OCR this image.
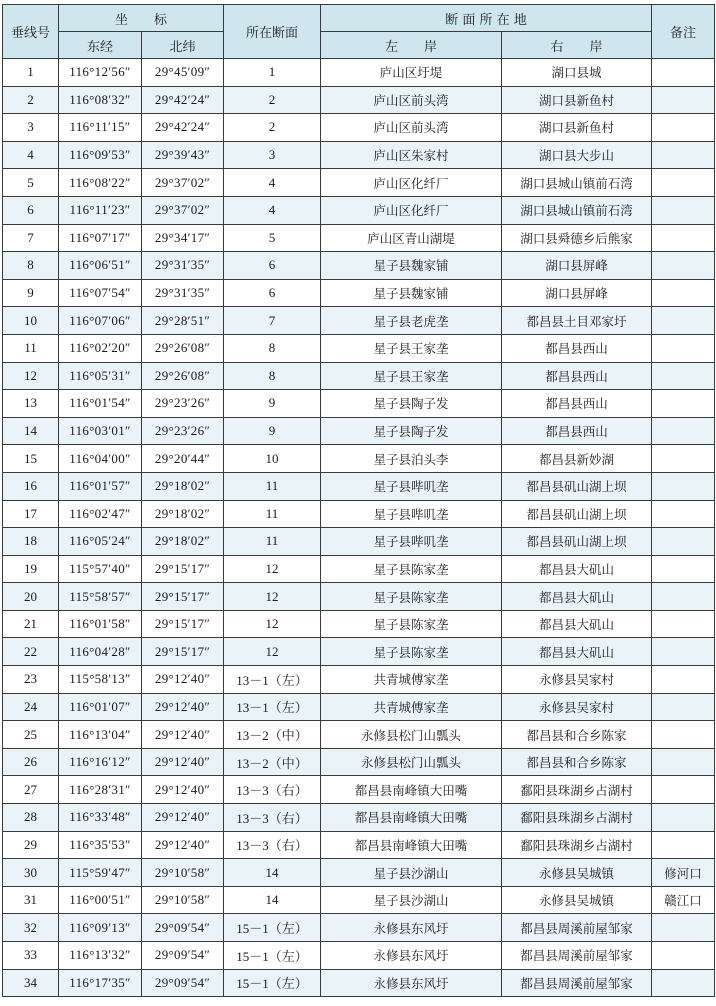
垂线号	坐　　标		所在断面	断 面 所 在 地		备注
	东经	北纬		左　　岸	右　　岸	
1	116°12′56″	29°45′09″	1	庐山区圩堤	湖口县城	
2	116°08′32″	29°42′24″	2	庐山区前头湾	湖口县新鱼村	
3	116°11′15″	29°42′24″	2	庐山区前头湾	湖口县新鱼村	
4	116°09′53″	29°39′43″	3	庐山区朱家村	湖口县大步山	
5	116°08′22″	29°37′02″	4	庐山区化纤厂	湖口县城山镇前石湾	
6	116°11′23″	29°37′02″	4	庐山区化纤厂	湖口县城山镇前石湾	
7	116°07′17″	29°34′17″	5	庐山区青山湖堤	湖口县舜德乡后熊家	
8	116°06′51″	29°31′35″	6	星子县魏家铺	湖口县屏峰	
9	116°07′54″	29°31′35″	6	星子县魏家铺	湖口县屏峰	
10	116°07′06″	29°28′51″	7	星子县老虎垄	都昌县土目邓家圩	
11	116°02′20″	29°26′08″	8	星子县王家垄	都昌县西山	
12	116°05′31″	29°26′08″	8	星子县王家垄	都昌县西山	
13	116°01′54″	29°23′26″	9	星子县陶子发	都昌县西山	
14	116°03′01″	29°23′26″	9	星子县陶子发	都昌县西山	
15	116°04′00″	29°20′44″	10	星子县泊头李	都昌县新妙湖	
16	116°01′57″	29°18′02″	11	星子县哔叽垄	都昌县矶山湖上坝	
17	116°02′47″	29°18′02″	11	星子县哔叽垄	都昌县矶山湖上坝	
18	116°05′24″	29°18′02″	11	星子县哔叽垄	都昌县矶山湖上坝	
19	115°57′40″	29°15′17″	12	星子县陈家垄	都昌县大矶山	
20	115°58′57″	29°15′17″	12	星子县陈家垄	都昌县大矶山	
21	116°01′58″	29°15′17″	12	星子县陈家垄	都昌县大矶山	
22	116°04′28″	29°15′17″	12	星子县陈家垄	都昌县大矶山	
23	115°58′13″	29°12′40″	13－1（左）	共青城傅家垄	永修县吴家村	
24	116°01′07″	29°12′40″	13－1（左）	共青城傅家垄	永修县吴家村	
25	116°13′04″	29°12′40″	13－2（中）	永修县松门山瓢头	都昌县和合乡陈家	
26	116°16′12″	29°12′40″	13－2（中）	永修县松门山瓢头	都昌县和合乡陈家	
27	116°28′31″	29°12′40″	13－3（右）	都昌县南峰镇大田嘴	鄱阳县珠湖乡占湖村	
28	116°33′48″	29°12′40″	13－3（右）	都昌县南峰镇大田嘴	鄱阳县珠湖乡占湖村	
29	116°35′53″	29°12′40″	13－3（右）	都昌县南峰镇大田嘴	鄱阳县珠湖乡占湖村	
30	115°59′47″	29°10′58″	14	星子县沙湖山	永修县吴城镇	修河口
31	116°00′51″	29°10′58″	14	星子县沙湖山	永修县吴城镇	赣江口
32	116°09′13″	29°09′54″	15－1（左）	永修县东风圩	都昌县周溪前屋邹家	
33	116°13′32″	29°09′54″	15－1（左）	永修县东风圩	都昌县周溪前屋邹家	
34	116°17′35″	29°09′54″	15－1（左）	永修县东风圩	都昌县周溪前屋邹家	
